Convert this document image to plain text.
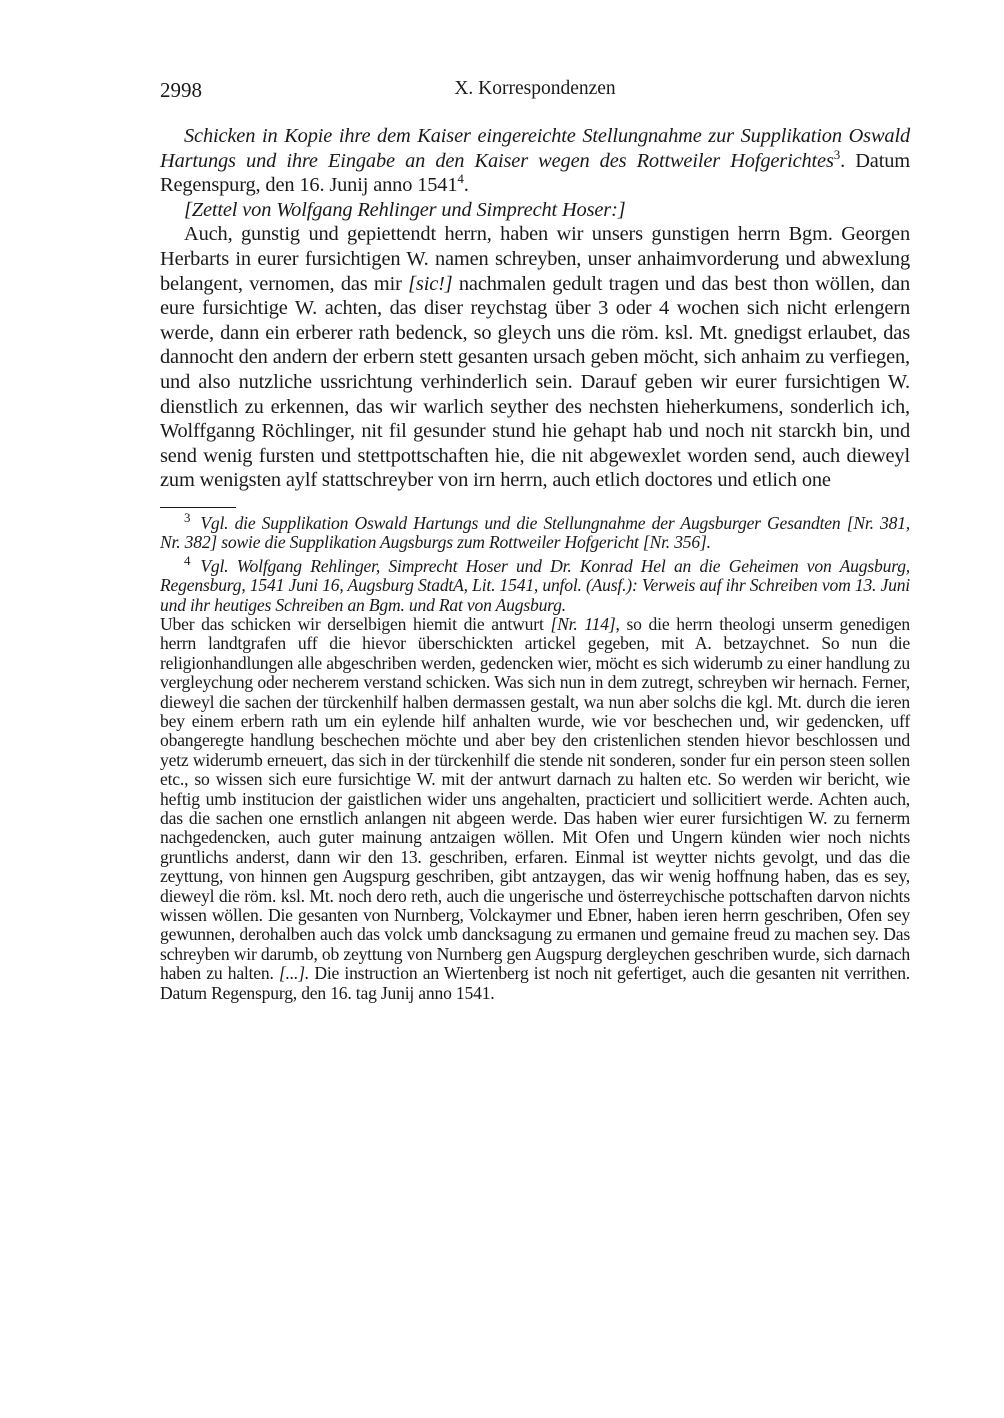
2998	X. Korrespondenzen

Schicken in Kopie ihre dem Kaiser eingereichte Stellungnahme zur Supplikation Oswald Hartungs und ihre Eingabe an den Kaiser wegen des Rottweiler Hofgerichtes$^3$. Datum Regenspurg, den 16. Junij anno 1541$^4$.

[Zettel von Wolfgang Rehlinger und Simprecht Hoser:]

Auch, gunstig und gepiettendt herrn, haben wir unsers gunstigen herrn Bgm. Georgen Herbarts in eurer fursichtigen W. namen schreyben, unser anhaimvorderung und abwexlung belangent, vernomen, das mir [sic!] nachmalen gedult tragen und das best thon wöllen, dan eure fursichtige W. achten, das diser reychstag über 3 oder 4 wochen sich nicht erlengern werde, dann ein erberer rath bedenck, so gleych uns die röm. ksl. Mt. gnedigst erlaubet, das dannocht den andern der erbern stett gesanten ursach geben möcht, sich anhaim zu verfiegen, und also nutzliche ussrichtung verhinderlich sein. Darauf geben wir eurer fursichtigen W. dienstlich zu erkennen, das wir warlich seyther des nechsten hieherkumens, sonderlich ich, Wolffganng Röchlinger, nit fil gesunder stund hie gehapt hab und noch nit starckh bin, und send wenig fursten und stettpottschaften hie, die nit abgewexlet worden send, auch dieweyl zum wenigsten aylf stattschreyber von irn herrn, auch etlich doctores und etlich one

$^3$ Vgl. die Supplikation Oswald Hartungs und die Stellungnahme der Augsburger Gesandten [Nr. 381, Nr. 382] sowie die Supplikation Augsburgs zum Rottweiler Hofgericht [Nr. 356].

$^4$ Vgl. Wolfgang Rehlinger, Simprecht Hoser und Dr. Konrad Hel an die Geheimen von Augsburg, Regensburg, 1541 Juni 16, Augsburg StadtA, Lit. 1541, unfol. (Ausf.): Verweis auf ihr Schreiben vom 13. Juni und ihr heutiges Schreiben an Bgm. und Rat von Augsburg.
Uber das schicken wir derselbigen hiemit die antwurt [Nr. 114], so die herrn theologi unserm genedigen herrn landtgrafen uff die hievor überschickten artickel gegeben, mit A. betzaychnet. So nun die religionhandlungen alle abgeschriben werden, gedencken wier, möcht es sich widerumb zu einer handlung zu vergleychung oder necherem verstand schicken. Was sich nun in dem zutregt, schreyben wir hernach. Ferner, dieweyl die sachen der türckenhilf halben dermassen gestalt, wa nun aber solchs die kgl. Mt. durch die ieren bey einem erbern rath um ein eylende hilf anhalten wurde, wie vor beschechen und, wir gedencken, uff obangeregte handlung beschechen möchte und aber bey den cristenlichen stenden hievor beschlossen und yetz widerumb erneuert, das sich in der türckenhilf die stende nit sonderen, sonder fur ein person steen sollen etc., so wissen sich eure fursichtige W. mit der antwurt darnach zu halten etc. So werden wir bericht, wie heftig umb institucion der gaistlichen wider uns angehalten, practiciert und sollicitiert werde. Achten auch, das die sachen one ernstlich anlangen nit abgeen werde. Das haben wier eurer fursichtigen W. zu fernerm nachgedencken, auch guter mainung antzaigen wöllen. Mit Ofen und Ungern künden wier noch nichts gruntlichs anderst, dann wir den 13. geschriben, erfaren. Einmal ist weytter nichts gevolgt, und das die zeyttung, von hinnen gen Augspurg geschriben, gibt antzaygen, das wir wenig hoffnung haben, das es sey, dieweyl die röm. ksl. Mt. noch dero reth, auch die ungerische und österreychische pottschaften darvon nichts wissen wöllen. Die gesanten von Nurnberg, Volckaymer und Ebner, haben ieren herrn geschriben, Ofen sey gewunnen, derohalben auch das volck umb dancksagung zu ermanen und gemaine freud zu machen sey. Das schreyben wir darumb, ob zeyttung von Nurnberg gen Augspurg dergleychen geschriben wurde, sich darnach haben zu halten. [...]. Die instruction an Wiertenberg ist noch nit gefertiget, auch die gesanten nit verrithen. Datum Regenspurg, den 16. tag Junij anno 1541.
